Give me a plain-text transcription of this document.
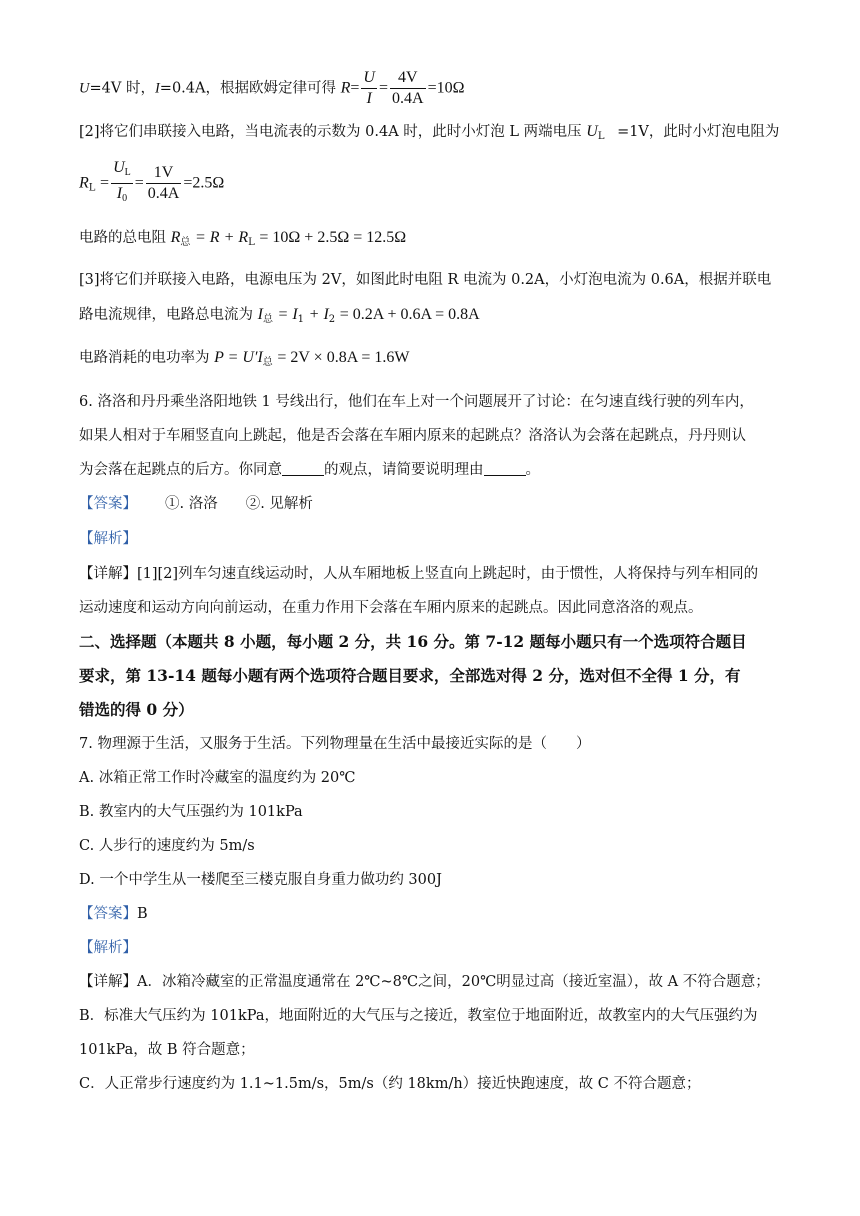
U=4V 时，I=0.4A，根据欧姆定律可得 $R= \frac{U}{I} = \frac{4V}{0.4A} =10\Omega$
[2]将它们串联接入电路，当电流表的示数为 0.4A 时，此时小灯泡 L 两端电压 $U_L =1V$，此时小灯泡电阻为
$R_L = \frac{U_L}{I_0} = \frac{1V}{0.4A} =2.5\Omega$
电路的总电阻 $R_总 = R + R_L = 10\Omega + 2.5\Omega = 12.5\Omega$
[3]将它们并联接入电路，电源电压为 2V，如图此时电阻 R 电流为 0.2A，小灯泡电流为 0.6A，根据并联电
路电流规律，电路总电流为 $I_总 = I_1 + I_2 = 0.2A + 0.6A = 0.8A$
电路消耗的电功率为 $P = U'I_总 = 2V \times 0.8A = 1.6W$
6. 洛洛和丹丹乘坐洛阳地铁 1 号线出行，他们在车上对一个问题展开了讨论：在匀速直线行驶的列车内，
如果人相对于车厢竖直向上跳起，他是否会落在车厢内原来的起跳点？洛洛认为会落在起跳点，丹丹则认
为会落在起跳点的后方。你同意	的观点，请简要说明理由	。
【答案】 ①. 洛洛 ②. 见解析
【解析】
【详解】[1][2]列车匀速直线运动时，人从车厢地板上竖直向上跳起时，由于惯性，人将保持与列车相同的
运动速度和运动方向向前运动，在重力作用下会落在车厢内原来的起跳点。因此同意洛洛的观点。
二、选择题（本题共 8 小题，每小题 2 分，共 16 分。第 7-12 题每小题只有一个选项符合题目
要求，第 13-14 题每小题有两个选项符合题目要求，全部选对得 2 分，选对但不全得 1 分，有
错选的得 0 分）
7. 物理源于生活，又服务于生活。下列物理量在生活中最接近实际的是（　　）
A. 冰箱正常工作时冷藏室的温度约为 20℃
B. 教室内的大气压强约为 101kPa
C. 人步行的速度约为 5m/s
D. 一个中学生从一楼爬至三楼克服自身重力做功约 300J
【答案】B
【解析】
【详解】A．冰箱冷藏室的正常温度通常在 2℃~8℃之间，20℃明显过高（接近室温），故 A 不符合题意；
B．标准大气压约为 101kPa，地面附近的大气压与之接近，教室位于地面附近，故教室内的大气压强约为
101kPa，故 B 符合题意；
C．人正常步行速度约为 1.1~1.5m/s，5m/s（约 18km/h）接近快跑速度，故 C 不符合题意；
